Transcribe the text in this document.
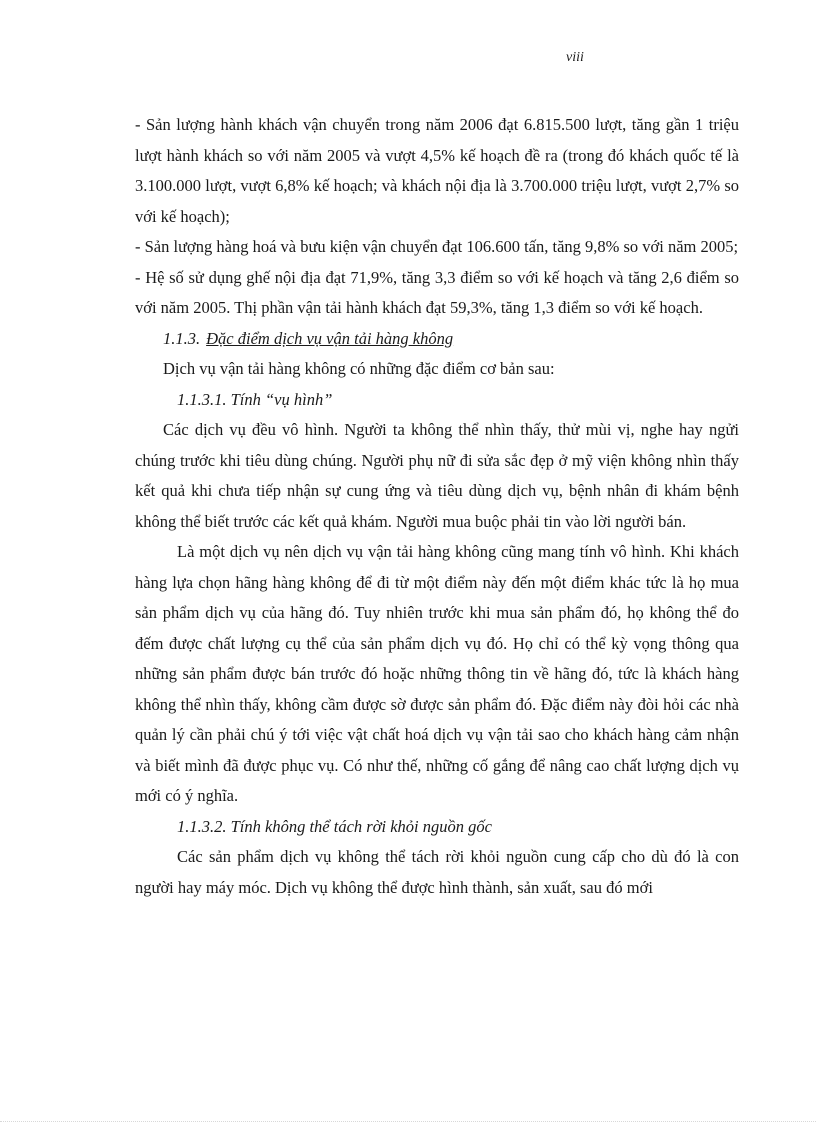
viii

- Sản lượng hành khách vận chuyển trong năm 2006 đạt 6.815.500 lượt, tăng gần 1 triệu lượt hành khách so với năm 2005 và vượt 4,5% kế hoạch đề ra (trong đó khách quốc tế là 3.100.000 lượt, vượt 6,8% kế hoạch; và khách nội địa là 3.700.000 triệu lượt, vượt 2,7% so với kế hoạch);

- Sản lượng hàng hoá và bưu kiện vận chuyển đạt 106.600 tấn, tăng 9,8% so với năm 2005;

- Hệ số sử dụng ghế nội địa đạt 71,9%, tăng 3,3 điểm so với kế hoạch và tăng 2,6 điểm so với năm 2005. Thị phần vận tải hành khách đạt 59,3%, tăng 1,3 điểm so với kế hoạch.

1.1.3. Đặc điểm dịch vụ vận tải hàng không

Dịch vụ vận tải hàng không có những đặc điểm cơ bản sau:

1.1.3.1. Tính “vụ hình”

Các dịch vụ đều vô hình. Người ta không thể nhìn thấy, thử mùi vị, nghe hay ngửi chúng trước khi tiêu dùng chúng. Người phụ nữ đi sửa sắc đẹp ở mỹ viện không nhìn thấy kết quả khi chưa tiếp nhận sự cung ứng và tiêu dùng dịch vụ, bệnh nhân đi khám bệnh không thể biết trước các kết quả khám. Người mua buộc phải tin vào lời người bán.

Là một dịch vụ nên dịch vụ vận tải hàng không cũng mang tính vô hình. Khi khách hàng lựa chọn hãng hàng không để đi từ một điểm này đến một điểm khác tức là họ mua sản phẩm dịch vụ của hãng đó. Tuy nhiên trước khi mua sản phẩm đó, họ không thể đo đếm được chất lượng cụ thể của sản phẩm dịch vụ đó. Họ chỉ có thể kỳ vọng thông qua những sản phẩm được bán trước đó hoặc những thông tin về hãng đó, tức là khách hàng không thể nhìn thấy, không cầm được sờ được sản phẩm đó. Đặc điểm này đòi hỏi các nhà quản lý cần phải chú ý tới việc vật chất hoá dịch vụ vận tải sao cho khách hàng cảm nhận và biết mình đã được phục vụ. Có như thế, những cố gắng để nâng cao chất lượng dịch vụ mới có ý nghĩa.

1.1.3.2. Tính không thể tách rời khỏi nguồn gốc

Các sản phẩm dịch vụ không thể tách rời khỏi nguồn cung cấp cho dù đó là con người hay máy móc. Dịch vụ không thể được hình thành, sản xuất, sau đó mới
